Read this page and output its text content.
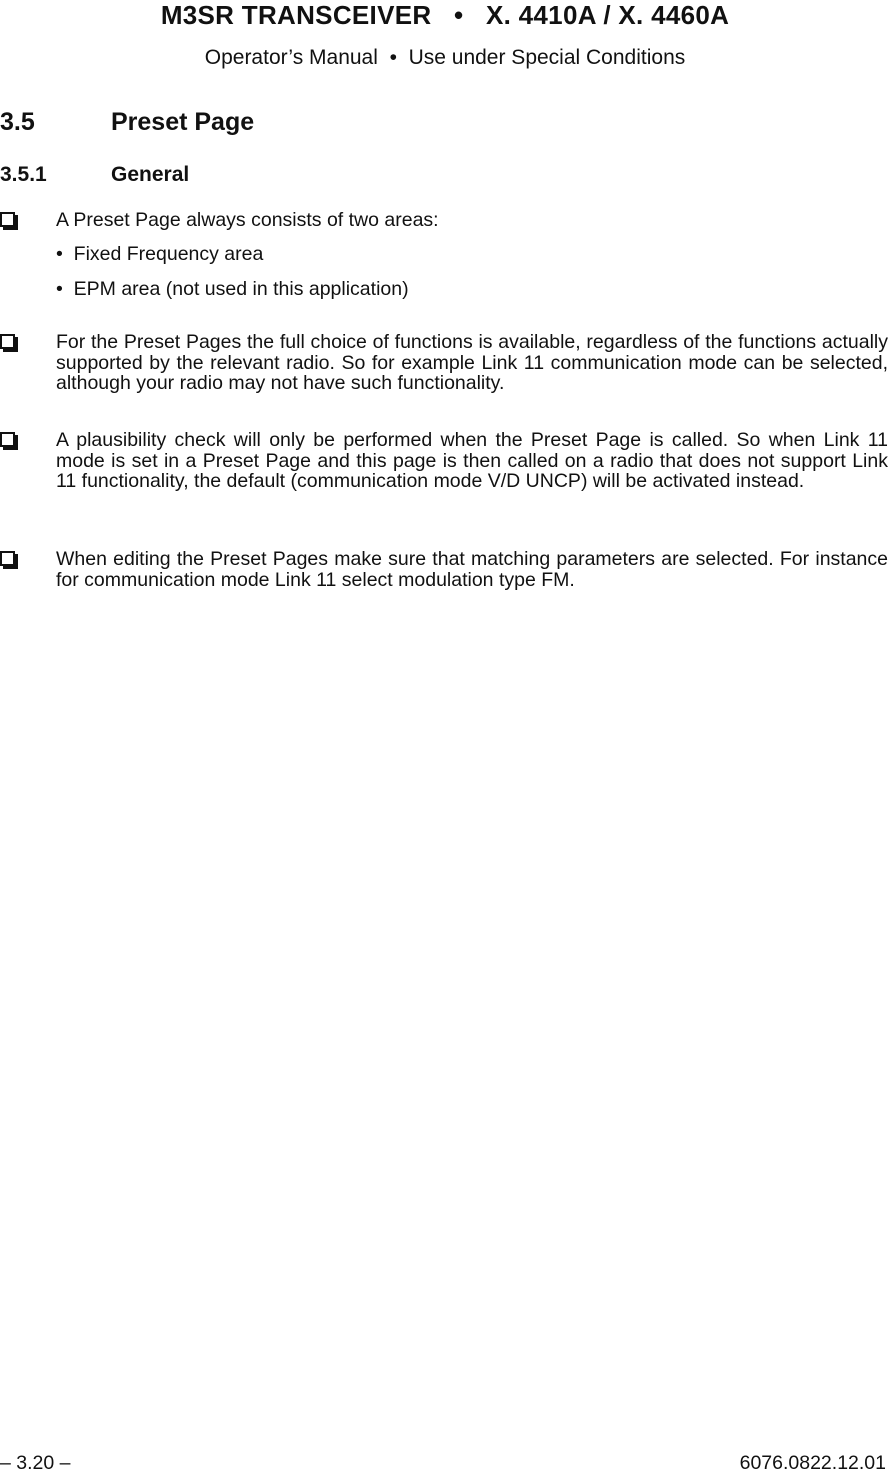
M3SR TRANSCEIVER   •   X. 4410A / X. 4460A
Operator’s Manual  •  Use under Special Conditions
3.5	Preset Page
3.5.1	General
A Preset Page always consists of two areas:
•  Fixed Frequency area
•  EPM area (not used in this application)
For the Preset Pages the full choice of functions is available, regardless of the functions actually supported by the relevant radio. So for example Link 11 communication mode can be selected, although your radio may not have such functionality.
A plausibility check will only be performed when the Preset Page is called. So when Link 11 mode is set in a Preset Page and this page is then called on a radio that does not support Link 11 functionality, the default (communication mode V/D UNCP) will be activated instead.
When editing the Preset Pages make sure that matching parameters are selected. For instance for communication mode Link 11 select modulation type FM.
– 3.20 –	6076.0822.12.01
